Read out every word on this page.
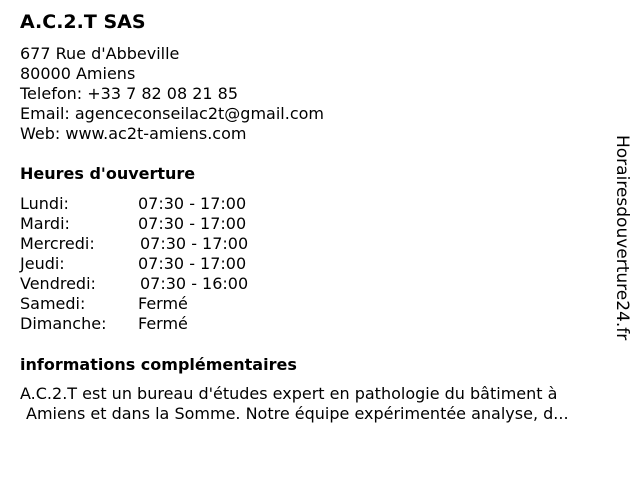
A.C.2.T SAS
677 Rue d'Abbeville
80000 Amiens
Telefon: +33 7 82 08 21 85
Email: agenceconseilac2t@gmail.com
Web: www.ac2t-amiens.com
Heures d'ouverture
Lundi:	07:30 - 17:00
Mardi:	07:30 - 17:00
Mercredi:	07:30 - 17:00
Jeudi:	07:30 - 17:00
Vendredi:	07:30 - 16:00
Samedi:	Fermé
Dimanche: Fermé
informations complémentaires
A.C.2.T est un bureau d'études expert en pathologie du bâtiment à
Amiens et dans la Somme. Notre équipe expérimentée analyse, d...
Horairesdouverture24.fr
